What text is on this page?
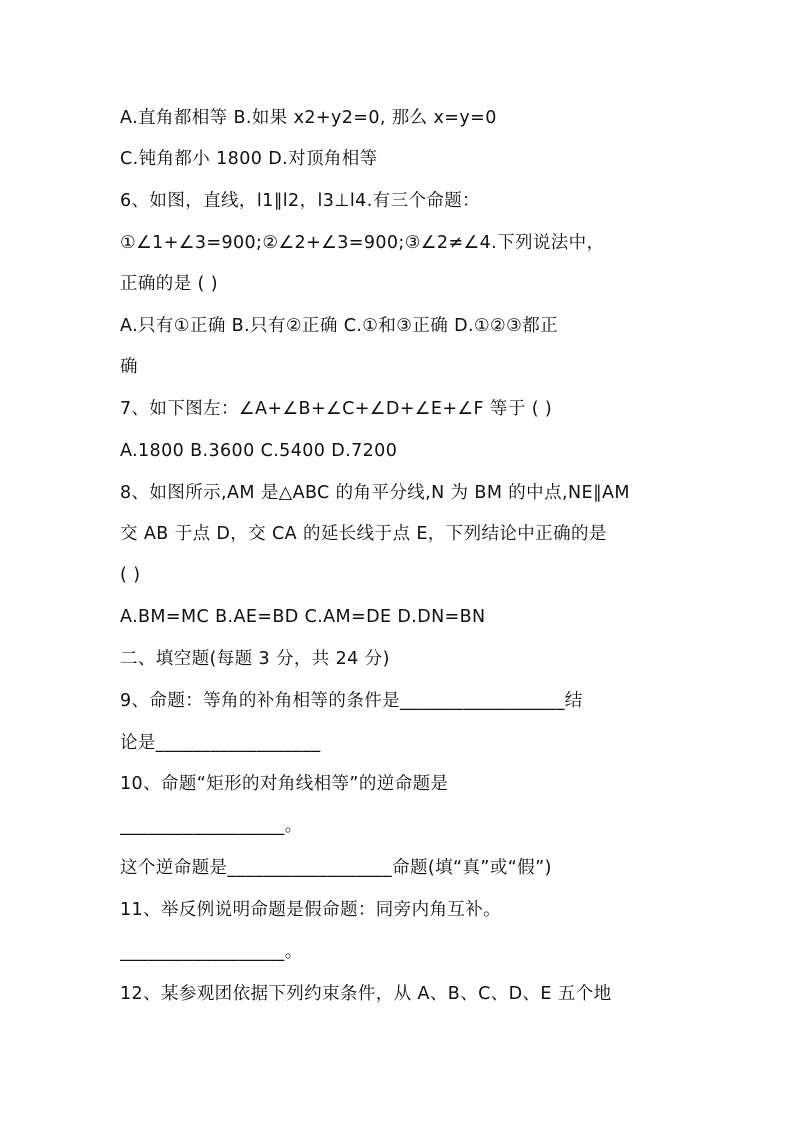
A.直角都相等 B.如果 x2+y2=0, 那么 x=y=0
C.钝角都小 1800 D.对顶角相等
6、如图，直线，l1∥l2，l3⊥l4.有三个命题：
①∠1+∠3=900;②∠2+∠3=900;③∠2≠∠4.下列说法中，
正确的是 ( )
A.只有①正确 B.只有②正确 C.①和③正确 D.①②③都正
确
7、如下图左：∠A+∠B+∠C+∠D+∠E+∠F 等于 ( )
A.1800 B.3600 C.5400 D.7200
8、如图所示,AM 是△ABC 的角平分线,N 为 BM 的中点,NE∥AM
交 AB 于点 D，交 CA 的延长线于点 E，下列结论中正确的是
( )
A.BM=MC B.AE=BD C.AM=DE D.DN=BN
二、填空题(每题 3 分，共 24 分)
9、命题：等角的补角相等的条件是__________________结
论是__________________
10、命题“矩形的对角线相等”的逆命题是
__________________。
这个逆命题是__________________命题(填“真”或“假”)
11、举反例说明命题是假命题：同旁内角互补。
__________________。
12、某参观团依据下列约束条件，从 A、B、C、D、E 五个地
